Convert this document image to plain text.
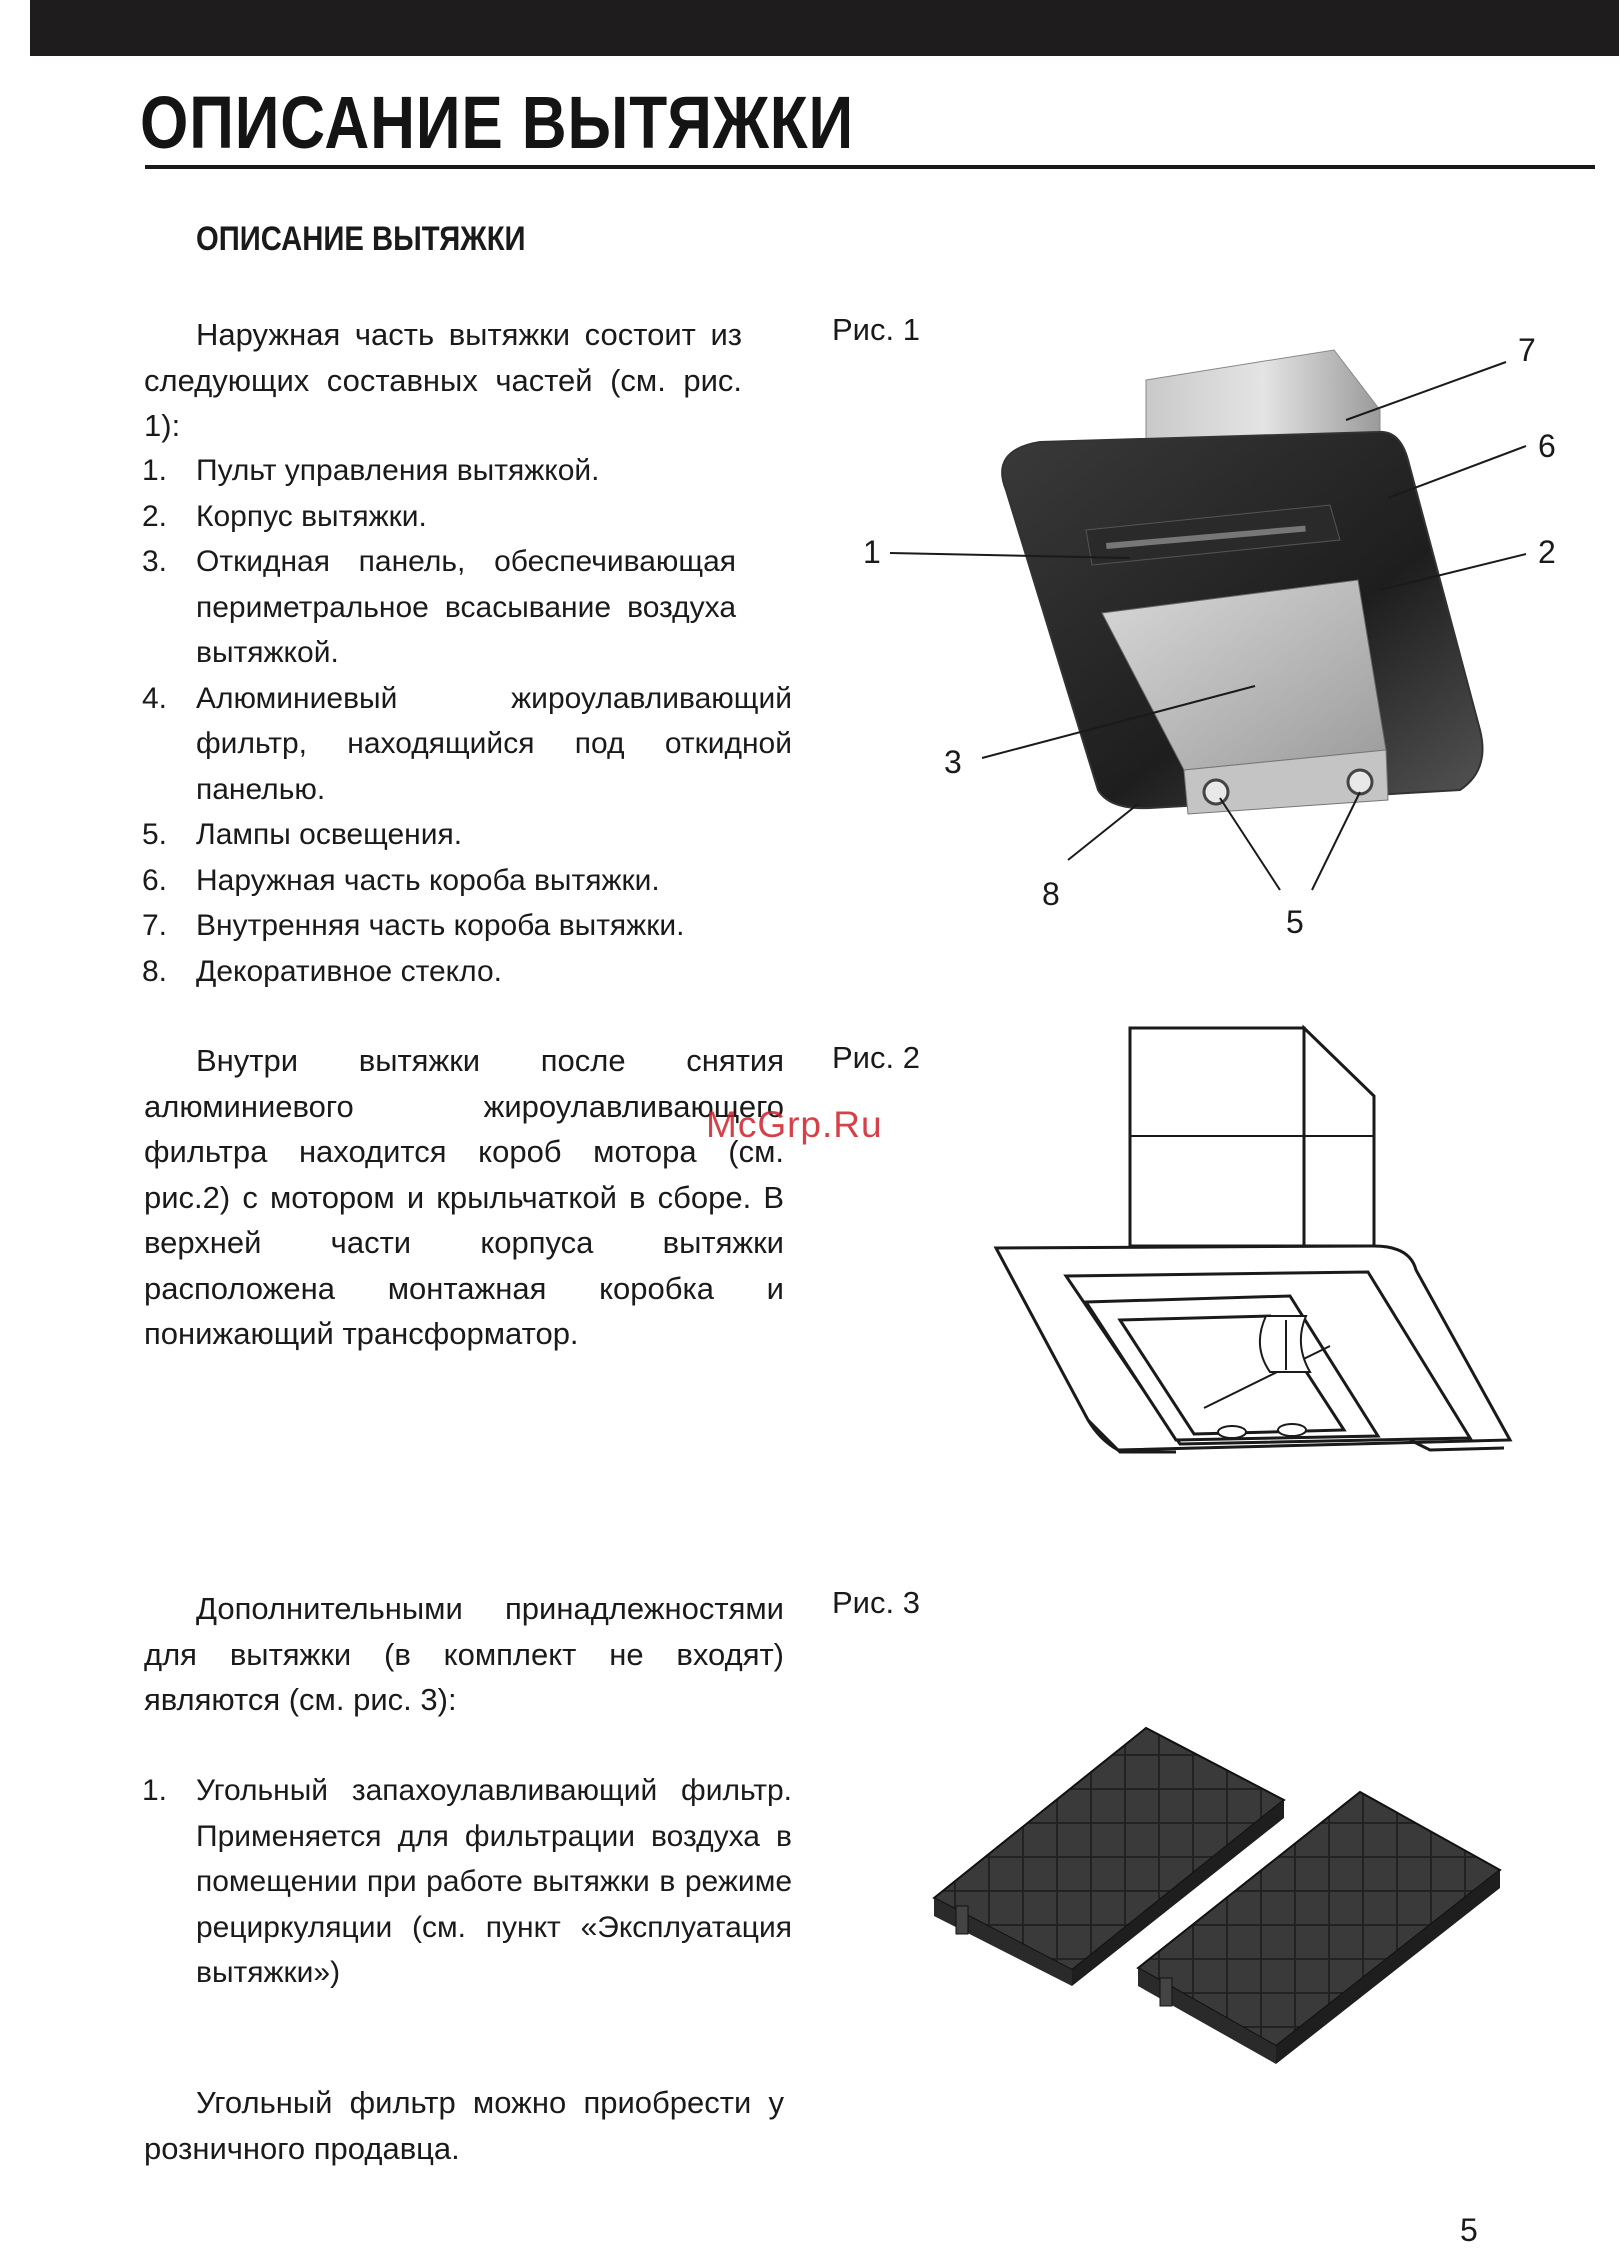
ОПИСАНИЕ ВЫТЯЖКИ
ОПИСАНИЕ ВЫТЯЖКИ

Наружная часть вытяжки состоит из следующих составных частей (см. рис. 1):

1. Пульт управления вытяжкой.
2. Корпус вытяжки.
3. Откидная панель, обеспечивающая периметральное всасывание воздуха вытяжкой.
4. Алюминиевый жироулавливающий фильтр, находящийся под откидной панелью.
5. Лампы освещения.
6. Наружная часть короба вытяжки.
7. Внутренняя часть короба вытяжки.
8. Декоративное стекло.
Рис. 1
1	2
3
5
6
7
8

Внутри вытяжки после снятия алюминиевого жироулавливающего фильтра находится короб мотора (см. рис.2) с мотором и крыльчаткой в сборе. В верхней части корпуса вытяжки расположена монтажная коробка и понижающий трансформатор.

Рис. 2
McGrp.Ru

Дополнительными принадлежностями для вытяжки (в комплект не входят) являются (см. рис. 3):

1. Угольный запахоулавливающий фильтр. Применяется для фильтрации воздуха в помещении при работе вытяжки в режиме рециркуляции (см. пункт «Эксплуатация вытяжки»)

Угольный фильтр можно приобрести у розничного продавца.

Рис. 3
5
